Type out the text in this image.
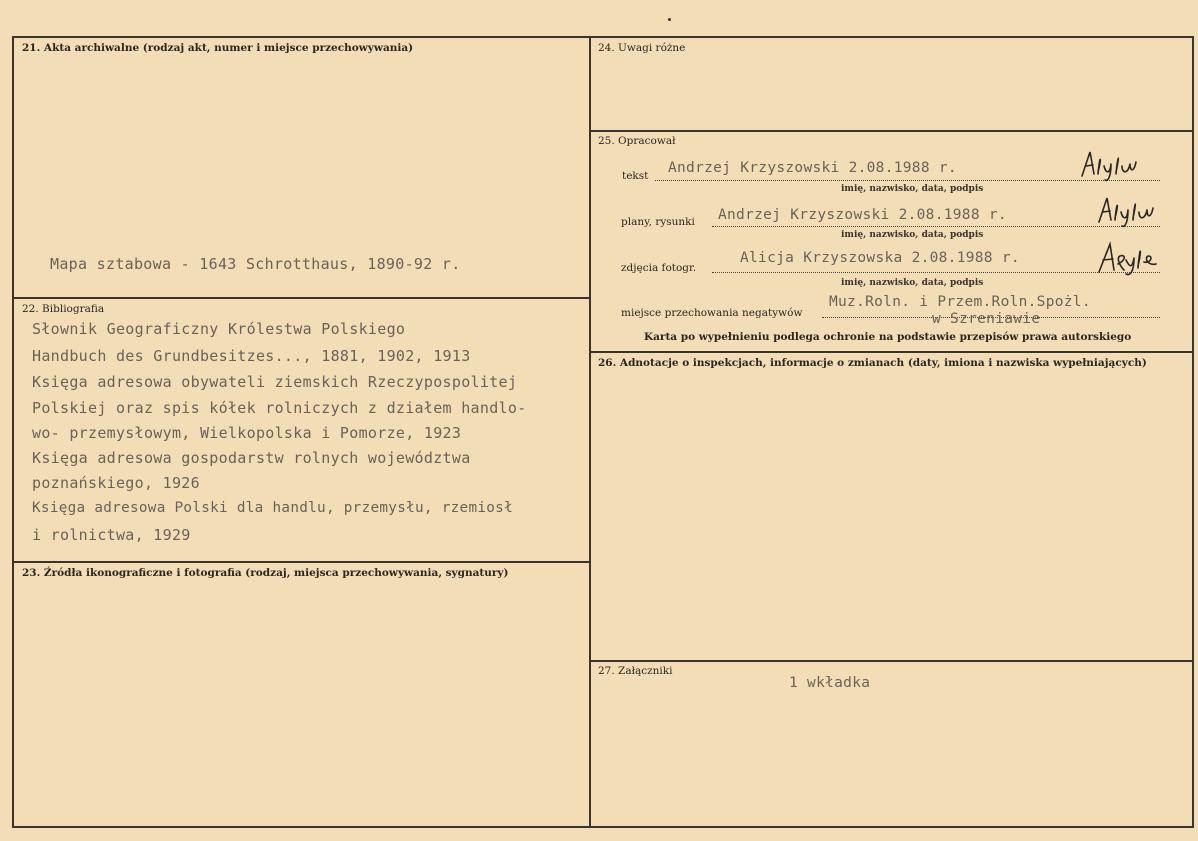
21. Akta archiwalne (rodzaj akt, numer i miejsce przechowywania)
Mapa sztabowa - 1643 Schrotthaus, 1890-92 r.
22. Bibliografia
Słownik Geograficzny Królestwa Polskiego
Handbuch des Grundbesitzes..., 1881, 1902, 1913
Księga adresowa obywateli ziemskich Rzeczypospolitej
Polskiej oraz spis kółek rolniczych z działem handlo-
wo- przemysłowym, Wielkopolska i Pomorze, 1923
Księga adresowa gospodarstw rolnych województwa
poznańskiego, 1926
Księga adresowa Polski dla handlu, przemysłu, rzemiosł
i rolnictwa, 1929
23. Źródła ikonograficzne i fotografia (rodzaj, miejsca przechowywania, sygnatury)
24. Uwagi różne
25. Opracował
tekst Andrzej Krzyszowski 2.08.1988 r.
imię, nazwisko, data, podpis
plany, rysunki Andrzej Krzyszowski 2.08.1988 r.
imię, nazwisko, data, podpis
zdjęcia fotogr.
Alicja Krzyszowska 2.08.1988 r.
imię, nazwisko, data, podpis
miejsce przechowania negatywów
Muz.Roln. i Przem.Roln.Spożl.
w Szreniawie
Karta po wypełnieniu podlega ochronie na podstawie przepisów prawa autorskiego
26. Adnotacje o inspekcjach, informacje o zmianach (daty, imiona i nazwiska wypełniających)
27. Załączniki
1 wkładka
